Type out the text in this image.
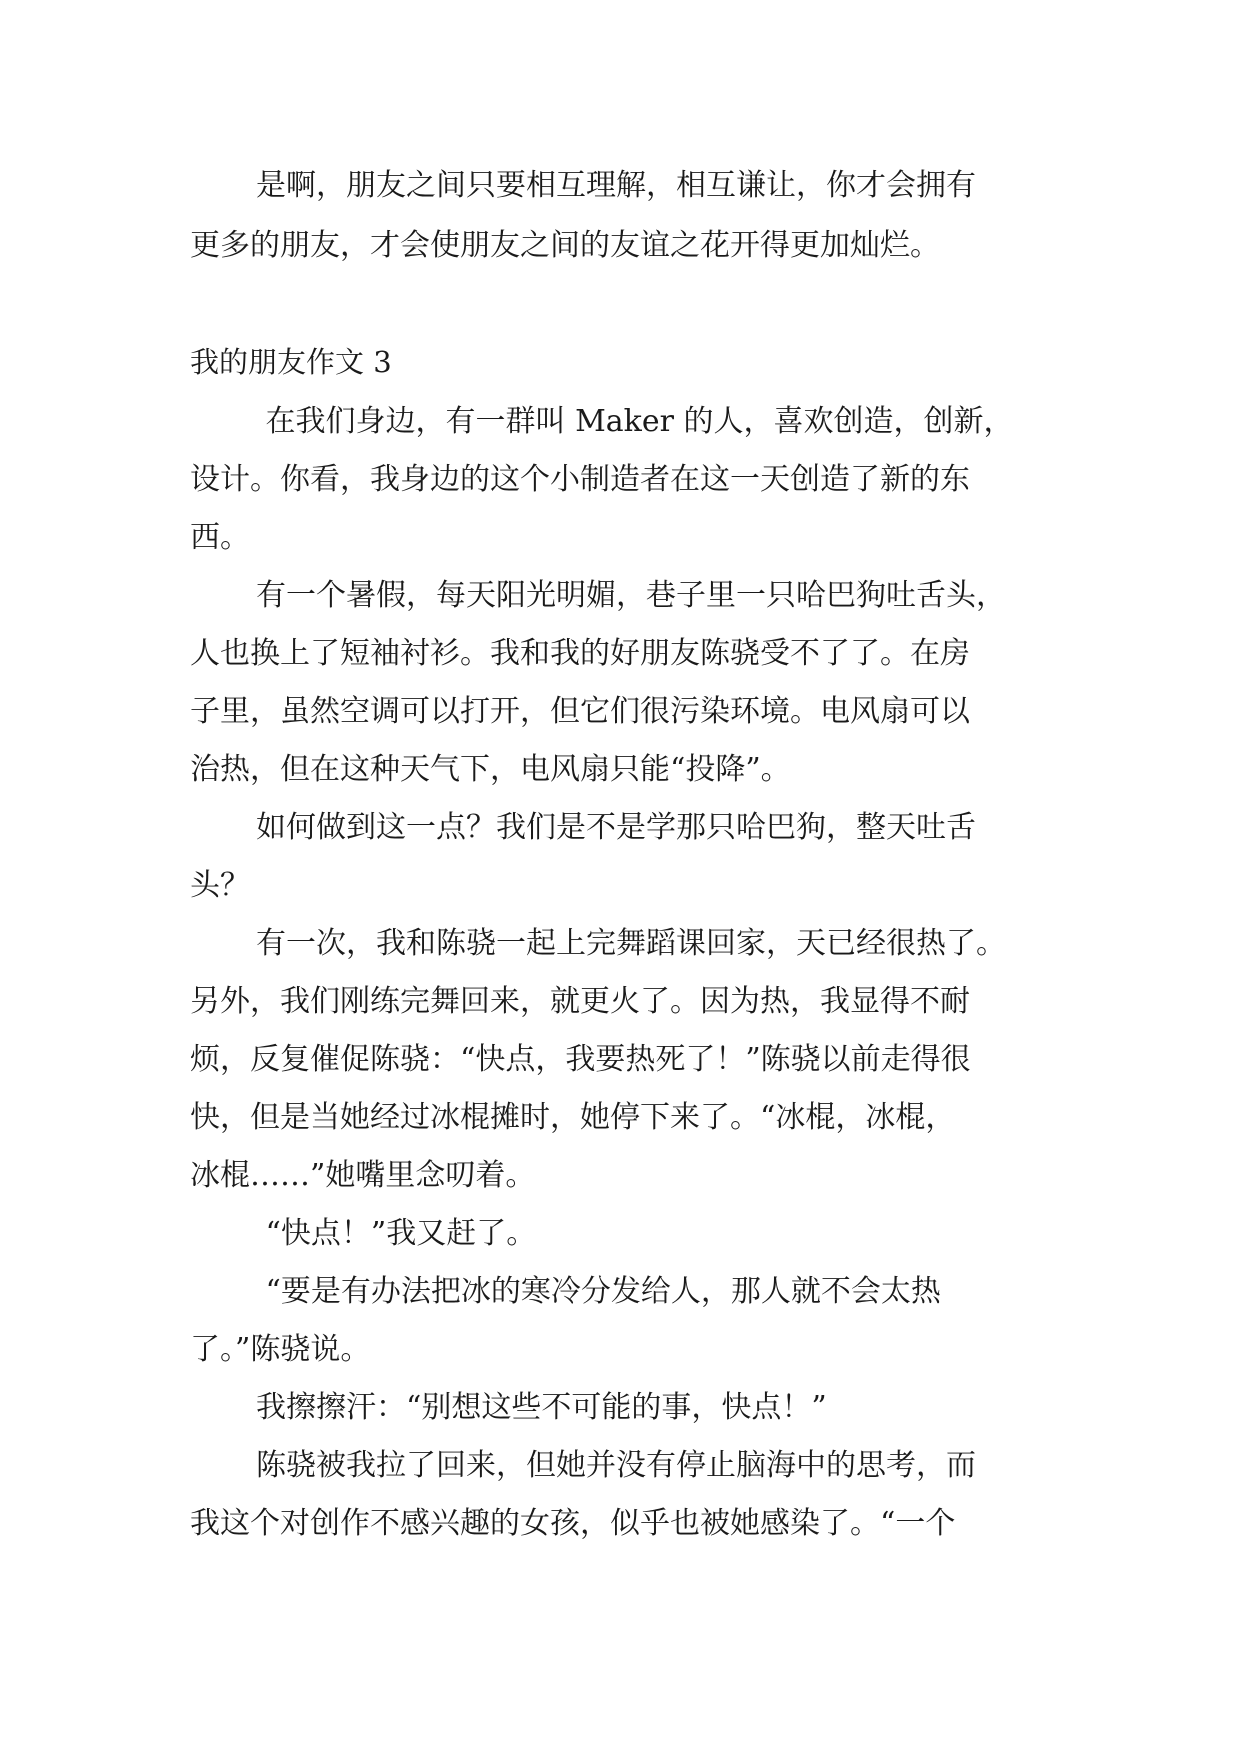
是啊，朋友之间只要相互理解，相互谦让，你才会拥有
更多的朋友，才会使朋友之间的友谊之花开得更加灿烂。
我的朋友作文 3
在我们身边，有一群叫 Maker 的人，喜欢创造，创新，
设计。你看，我身边的这个小制造者在这一天创造了新的东
西。
有一个暑假，每天阳光明媚，巷子里一只哈巴狗吐舌头，
人也换上了短袖衬衫。我和我的好朋友陈骁受不了了。在房
子里，虽然空调可以打开，但它们很污染环境。电风扇可以
治热，但在这种天气下，电风扇只能“投降”。
如何做到这一点？我们是不是学那只哈巴狗，整天吐舌
头？
有一次，我和陈骁一起上完舞蹈课回家，天已经很热了。
另外，我们刚练完舞回来，就更火了。因为热，我显得不耐
烦，反复催促陈骁：“快点，我要热死了！”陈骁以前走得很
快，但是当她经过冰棍摊时，她停下来了。“冰棍，冰棍，
冰棍……”她嘴里念叨着。
“快点！”我又赶了。
“要是有办法把冰的寒冷分发给人，那人就不会太热
了。”陈骁说。
我擦擦汗：“别想这些不可能的事，快点！”
陈骁被我拉了回来，但她并没有停止脑海中的思考，而
我这个对创作不感兴趣的女孩，似乎也被她感染了。“一个
